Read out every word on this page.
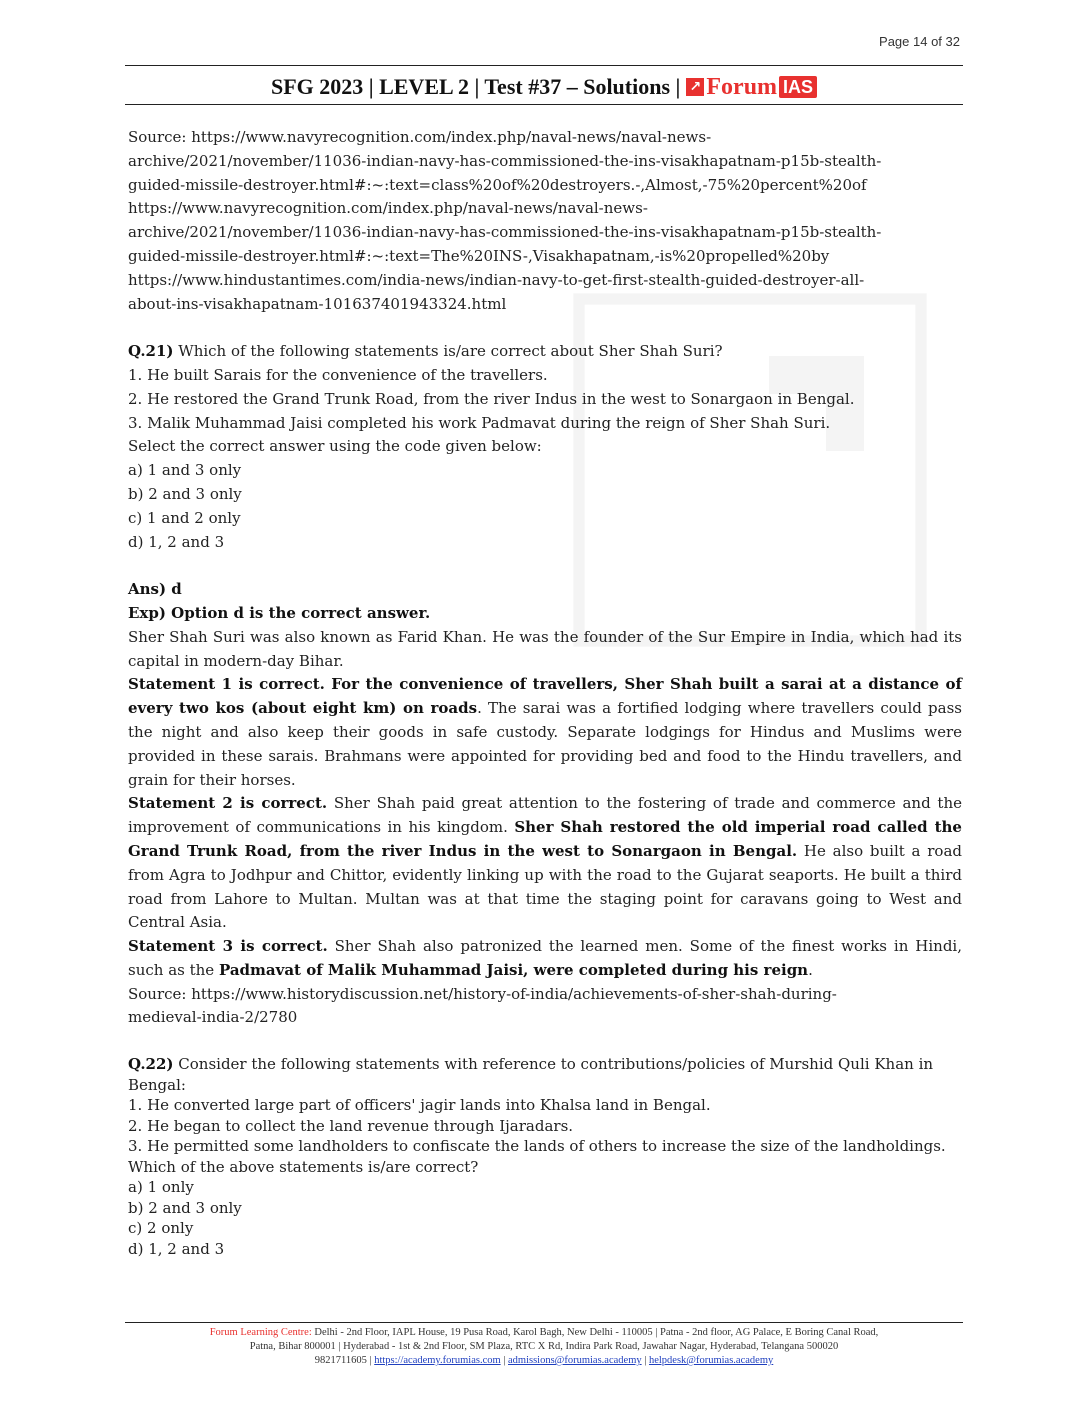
Page 14 of 32
SFG 2023 | LEVEL 2 | Test #37 – Solutions | ↗ Forum IAS

Source: https://www.navyrecognition.com/index.php/naval-news/naval-news-

archive/2021/november/11036-indian-navy-has-commissioned-the-ins-visakhapatnam-p15b-stealth-

guided-missile-destroyer.html#:~:text=class%20of%20destroyers.-,Almost,-75%20percent%20of

https://www.navyrecognition.com/index.php/naval-news/naval-news-

archive/2021/november/11036-indian-navy-has-commissioned-the-ins-visakhapatnam-p15b-stealth-

guided-missile-destroyer.html#:~:text=The%20INS-,Visakhapatnam,-is%20propelled%20by

https://www.hindustantimes.com/india-news/indian-navy-to-get-first-stealth-guided-destroyer-all-

about-ins-visakhapatnam-101637401943324.html

Q.21) Which of the following statements is/are correct about Sher Shah Suri?

1. He built Sarais for the convenience of the travellers.

2. He restored the Grand Trunk Road, from the river Indus in the west to Sonargaon in Bengal.

3. Malik Muhammad Jaisi completed his work Padmavat during the reign of Sher Shah Suri.

Select the correct answer using the code given below:

a) 1 and 3 only

b) 2 and 3 only

c) 1 and 2 only

d) 1, 2 and 3

Ans) d

Exp) Option d is the correct answer.

Sher Shah Suri was also known as Farid Khan. He was the founder of the Sur Empire in India, which had its capital in modern-day Bihar.

Statement 1 is correct. For the convenience of travellers, Sher Shah built a sarai at a distance of every two kos (about eight km) on roads. The sarai was a fortified lodging where travellers could pass the night and also keep their goods in safe custody. Separate lodgings for Hindus and Muslims were provided in these sarais. Brahmans were appointed for providing bed and food to the Hindu travellers, and grain for their horses.

Statement 2 is correct. Sher Shah paid great attention to the fostering of trade and commerce and the improvement of communications in his kingdom. Sher Shah restored the old imperial road called the Grand Trunk Road, from the river Indus in the west to Sonargaon in Bengal. He also built a road from Agra to Jodhpur and Chittor, evidently linking up with the road to the Gujarat seaports. He built a third road from Lahore to Multan. Multan was at that time the staging point for caravans going to West and Central Asia.

Statement 3 is correct. Sher Shah also patronized the learned men. Some of the finest works in Hindi, such as the Padmavat of Malik Muhammad Jaisi, were completed during his reign.

Source: https://www.historydiscussion.net/history-of-india/achievements-of-sher-shah-during-

medieval-india-2/2780

Q.22) Consider the following statements with reference to contributions/policies of Murshid Quli Khan in Bengal:

1. He converted large part of officers' jagir lands into Khalsa land in Bengal.

2. He began to collect the land revenue through Ijaradars.

3. He permitted some landholders to confiscate the lands of others to increase the size of the landholdings.

Which of the above statements is/are correct?

a) 1 only

b) 2 and 3 only

c) 2 only

d) 1, 2 and 3

Forum Learning Centre: Delhi - 2nd Floor, IAPL House, 19 Pusa Road, Karol Bagh, New Delhi - 110005 | Patna - 2nd floor, AG Palace, E Boring Canal Road,
Patna, Bihar 800001 | Hyderabad - 1st & 2nd Floor, SM Plaza, RTC X Rd, Indira Park Road, Jawahar Nagar, Hyderabad, Telangana 500020
9821711605 | https://academy.forumias.com | admissions@forumias.academy | helpdesk@forumias.academy
